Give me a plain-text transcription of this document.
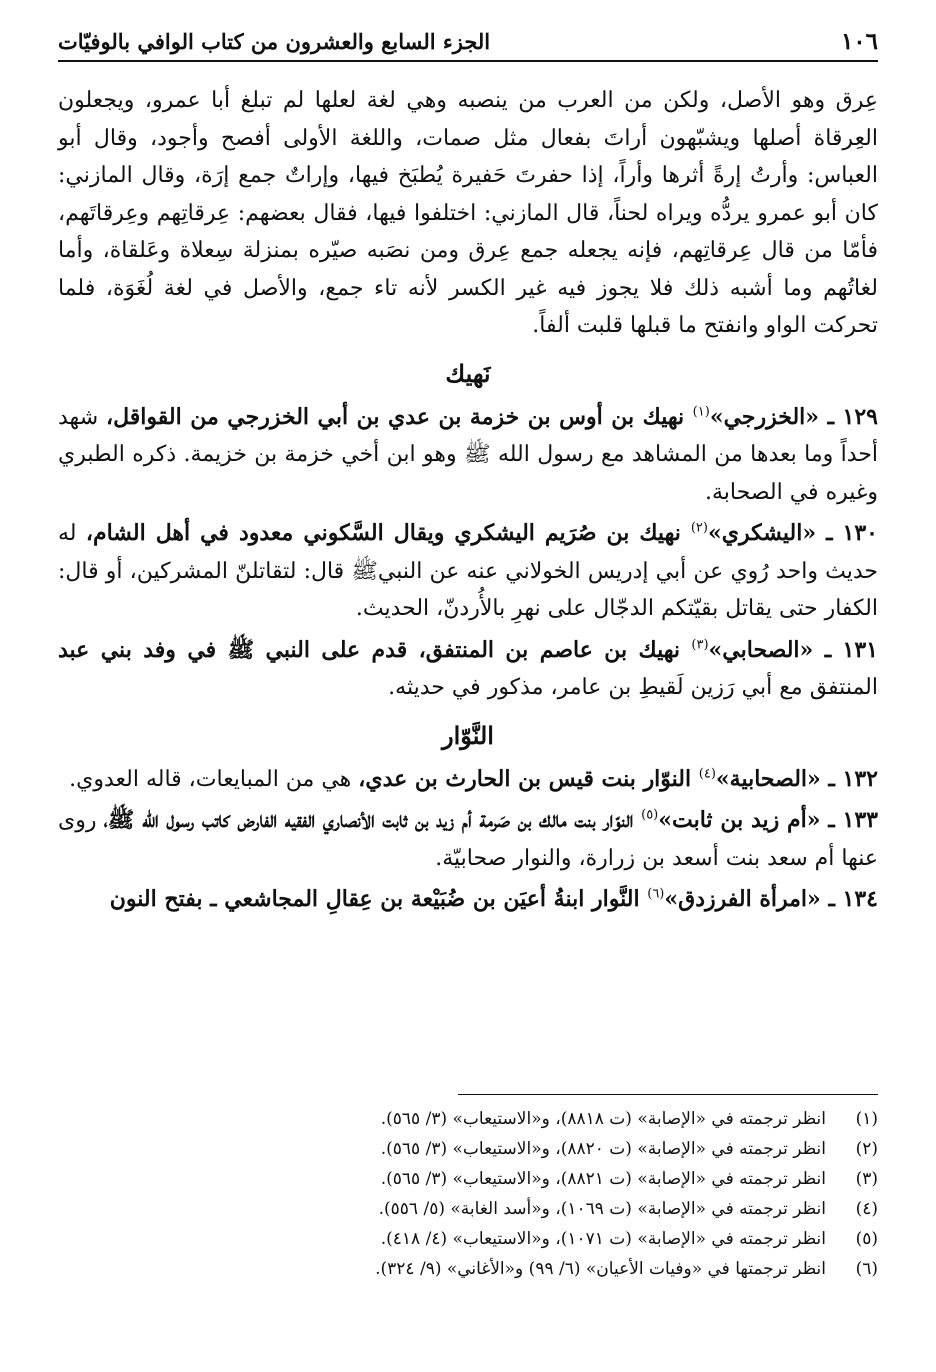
١٠٦
الجزء السابع والعشرون من كتاب الوافي بالوفيّات

عِرق وهو الأصل، ولكن من العرب من ينصبه وهي لغة لعلها لم تبلغ أبا عمرو، ويجعلون العِرقاة أصلها ويشبّهون أراتَ بفعال مثل صمات، واللغة الأولى أفصح وأجود، وقال أبو العباس: وأرتُ إرةً أثرها وأراً، إذا حفرتَ حَفيرة يُطبَخ فيها، وإراتٌ جمع إرَة، وقال المازني: كان أبو عمرو يردُّه ويراه لحناً، قال المازني: اختلفوا فيها، فقال بعضهم: عِرقاتِهم وعِرقاتَهم، فأمّا من قال عِرقاتِهم، فإنه يجعله جمع عِرق ومن نصَبه صيّره بمنزلة سِعلاة وعَلقاة، وأما لغاتُهم وما أشبه ذلك فلا يجوز فيه غير الكسر لأنه تاء جمع، والأصل في لغة لُغَوَة، فلما تحركت الواو وانفتح ما قبلها قلبت ألفاً.

نَهيك

١٢٩ ـ «الخزرجي»$^{(١)}$ نهيك بن أوس بن خزمة بن عدي بن أبي الخزرجي من القواقل، شهد أحداً وما بعدها من المشاهد مع رسول الله ﷺ وهو ابن أخي خزمة بن خزيمة. ذكره الطبري وغيره في الصحابة.

١٣٠ ـ «اليشكري»$^{(٢)}$ نهيك بن صُرَيم اليشكري ويقال السَّكوني معدود في أهل الشام، له حديث واحد رُوي عن أبي إدريس الخولاني عنه عن النبيﷺ قال: لتقاتلنّ المشركين، أو قال: الكفار حتى يقاتل بقيّتكم الدجّال على نهرِ بالأُردنّ، الحديث.

١٣١ ـ «الصحابي»$^{(٣)}$ نهيك بن عاصم بن المنتفق، قدم على النبي ﷺ في وفد بني عبد المنتفق مع أبي رَزين لَقيطِ بن عامر، مذكور في حديثه.

النَّوّار

١٣٢ ـ «الصحابية»$^{(٤)}$ النوّار بنت قيس بن الحارث بن عدي، هي من المبايعات، قاله العدوي.

١٣٣ ـ «أم زيد بن ثابت»$^{(٥)}$ النوّار بنت مالك بن صَرمة أم زيد بن ثابت الأنصاري الفقيه الفارض كاتب رسول الله ﷺ، روى عنها أم سعد بنت أسعد بن زرارة، والنوار صحابيّة.

١٣٤ ـ «امرأة الفرزدق»$^{(٦)}$ النَّوار ابنةُ أعيَن بن ضُبَيْعة بن عِقالِ المجاشعي ـ بفتح النون

(١)
انظر ترجمته في «الإصابة» (ت ٨٨١٨)، و«الاستيعاب» (٣/ ٥٦٥).
(٢)
انظر ترجمته في «الإصابة» (ت ٨٨٢٠)، و«الاستيعاب» (٣/ ٥٦٥).
(٣)
انظر ترجمته في «الإصابة» (ت ٨٨٢١)، و«الاستيعاب» (٣/ ٥٦٥).
(٤)
انظر ترجمته في «الإصابة» (ت ١٠٦٩)، و«أسد الغابة» (٥/ ٥٥٦).
(٥)
انظر ترجمته في «الإصابة» (ت ١٠٧١)، و«الاستيعاب» (٤/ ٤١٨).
(٦)
انظر ترجمتها في «وفيات الأعيان» (٦/ ٩٩) و«الأغاني» (٩/ ٣٢٤).
